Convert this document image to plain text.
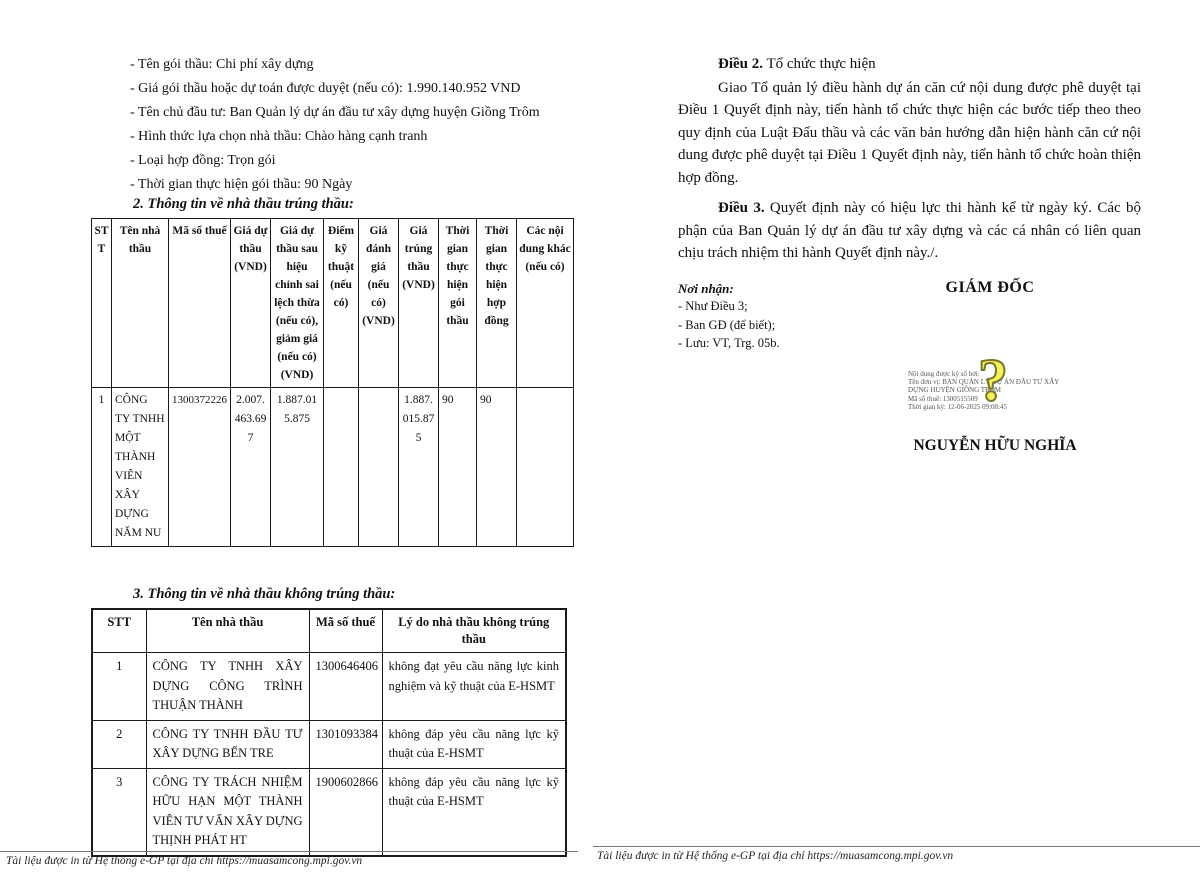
- Tên gói thầu: Chi phí xây dựng
- Giá gói thầu hoặc dự toán được duyệt (nếu có): 1.990.140.952 VND
- Tên chủ đầu tư: Ban Quản lý dự án đầu tư xây dựng huyện Giồng Trôm
- Hình thức lựa chọn nhà thầu: Chào hàng cạnh tranh
- Loại hợp đồng: Trọn gói
- Thời gian thực hiện gói thầu: 90 Ngày
2. Thông tin về nhà thầu trúng thầu:
STT	Tên nhà thầu	Mã số thuế	Giá dự thầu (VND)	Giá dự thầu sau hiệu chỉnh sai lệch thừa (nếu có), giảm giá (nếu có) (VND)	Điểm kỹ thuật (nếu có)	Giá đánh giá (nếu có) (VND)	Giá trúng thầu (VND)	Thời gian thực hiện gói thầu	Thời gian thực hiện hợp đồng	Các nội dung khác (nếu có)
1	CÔNG TY TNHH MỘT THÀNH VIÊN XÂY DỰNG NĂM NU	1300372226	2.007.463.697	1.887.015.875			1.887.015.875	90	90	
3. Thông tin về nhà thầu không trúng thầu:
STT	Tên nhà thầu	Mã số thuế	Lý do nhà thầu không trúng thầu
1	CÔNG TY TNHH XÂY DỰNG CÔNG TRÌNH THUẬN THÀNH	1300646406	không đạt yêu cầu năng lực kinh nghiệm và kỹ thuật của E-HSMT
2	CÔNG TY TNHH ĐẦU TƯ XÂY DỰNG BẾN TRE	1301093384	không đáp yêu cầu năng lực kỹ thuật của E-HSMT
3	CÔNG TY TRÁCH NHIỆM HỮU HẠN MỘT THÀNH VIÊN TƯ VẤN XÂY DỰNG THỊNH PHÁT HT	1900602866	không đáp yêu cầu năng lực kỹ thuật của E-HSMT
Tài liệu được in từ Hệ thống e-GP tại địa chỉ https://muasamcong.mpi.gov.vn
Điều 2. Tổ chức thực hiện
Giao Tổ quản lý điều hành dự án căn cứ nội dung được phê duyệt tại Điều 1 Quyết định này, tiến hành tổ chức thực hiện các bước tiếp theo theo quy định của Luật Đấu thầu và các văn bản hướng dẫn hiện hành căn cứ nội dung được phê duyệt tại Điều 1 Quyết định này, tiến hành tổ chức hoàn thiện hợp đồng.
Điều 3. Quyết định này có hiệu lực thi hành kể từ ngày ký. Các bộ phận của Ban Quản lý dự án đầu tư xây dựng và các cá nhân có liên quan chịu trách nhiệm thi hành Quyết định này./.
Nơi nhận:
- Như Điều 3;
- Ban GĐ (để biết);
- Lưu: VT, Trg. 05b.
GIÁM ĐỐC
Nội dung được ký số bởi:
Tên đơn vị: BAN QUẢN LÝ DỰ ÁN ĐẦU TƯ XÂY
DỰNG HUYỆN GIỒNG TRÔM
Mã số thuế: 1300515509
Thời gian ký: 12-06-2025 09:08:45
?
NGUYỄN HỮU NGHĨA
Tài liệu được in từ Hệ thống e-GP tại địa chỉ https://muasamcong.mpi.gov.vn
